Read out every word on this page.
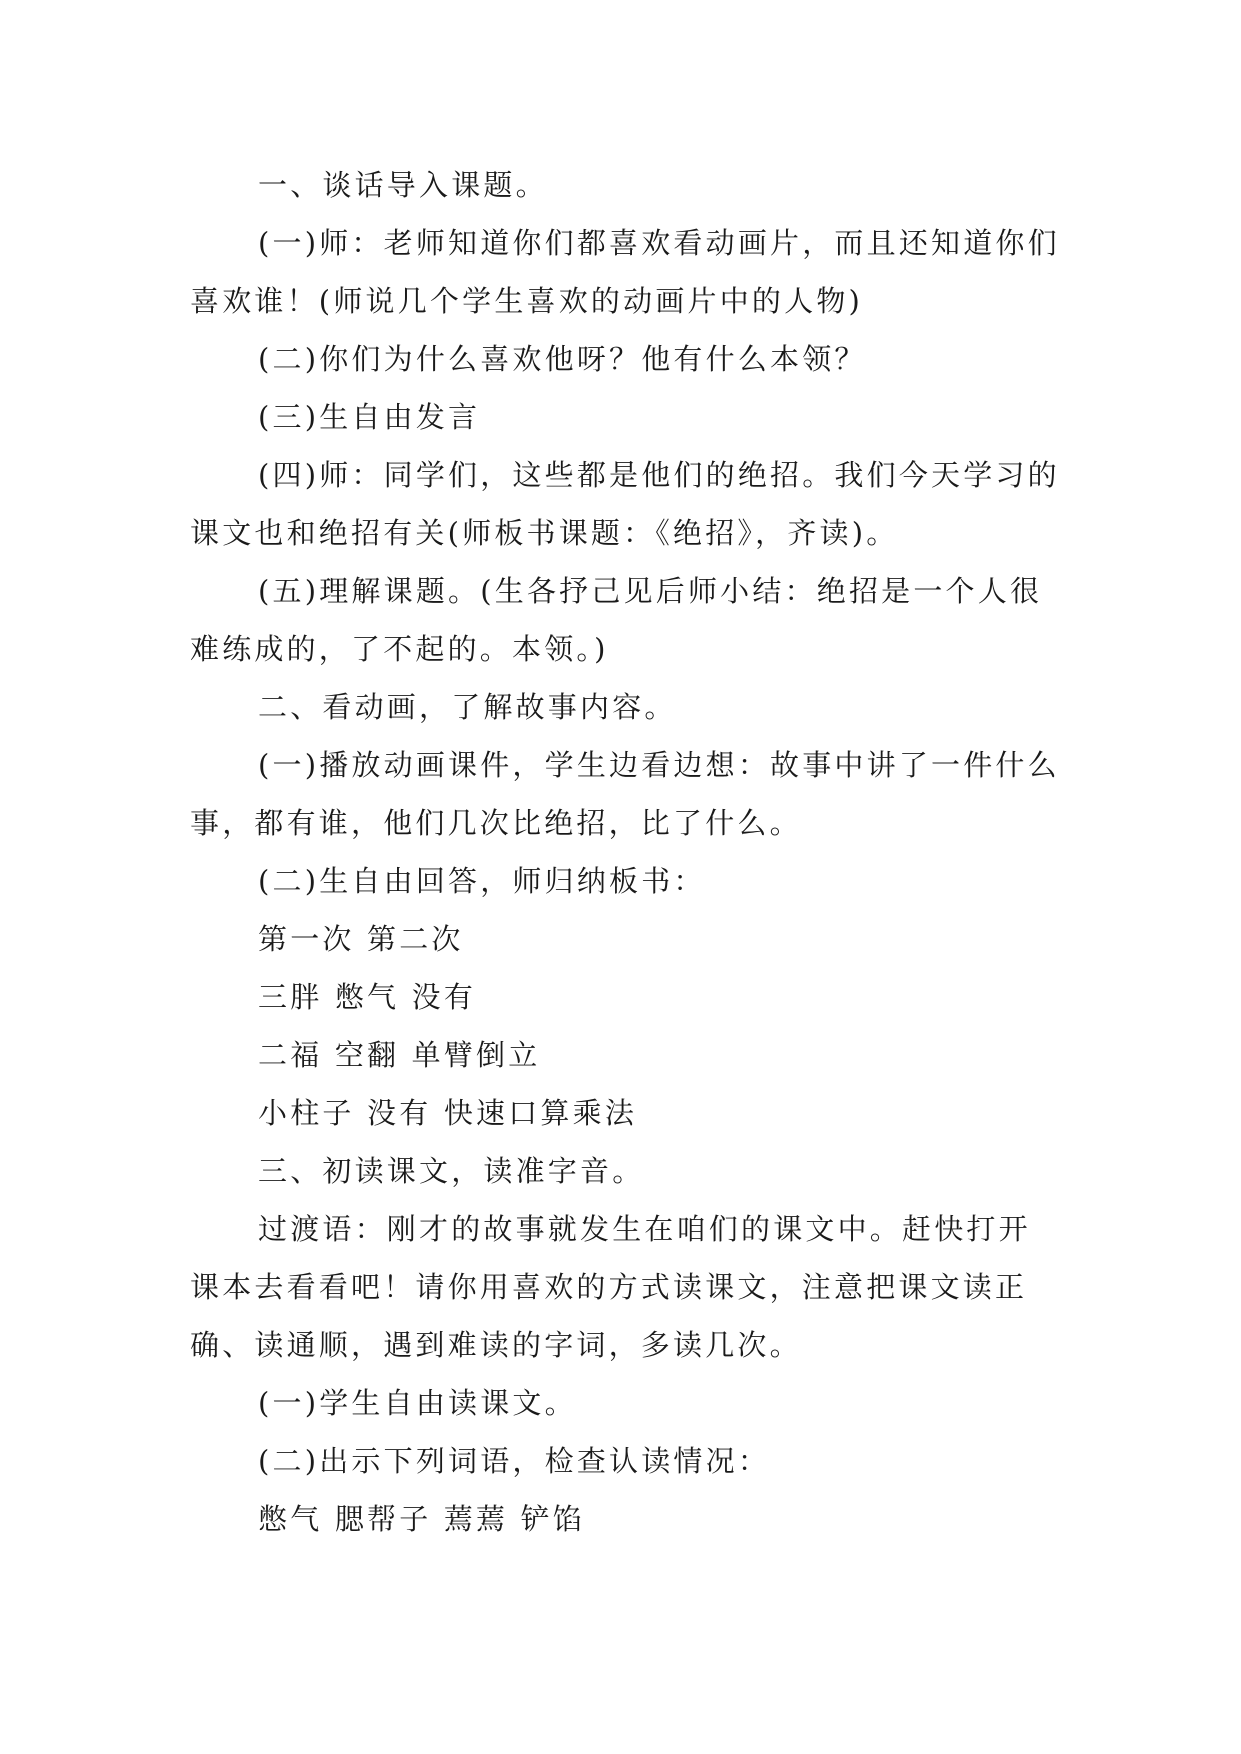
一、谈话导入课题。

(一)师：老师知道你们都喜欢看动画片，而且还知道你们喜欢谁！(师说几个学生喜欢的动画片中的人物)

(二)你们为什么喜欢他呀？他有什么本领？

(三)生自由发言

(四)师：同学们，这些都是他们的绝招。我们今天学习的课文也和绝招有关(师板书课题：《绝招》，齐读)。

(五)理解课题。(生各抒己见后师小结：绝招是一个人很难练成的，了不起的。本领。)

二、看动画，了解故事内容。

(一)播放动画课件，学生边看边想：故事中讲了一件什么事，都有谁，他们几次比绝招，比了什么。

(二)生自由回答，师归纳板书：

第一次 第二次

三胖 憋气 没有

二福 空翻 单臂倒立

小柱子 没有 快速口算乘法

三、初读课文，读准字音。

过渡语：刚才的故事就发生在咱们的课文中。赶快打开课本去看看吧！请你用喜欢的方式读课文，注意把课文读正确、读通顺，遇到难读的字词，多读几次。

(一)学生自由读课文。

(二)出示下列词语，检查认读情况：

憋气 腮帮子 蔫蔫 铲馅
